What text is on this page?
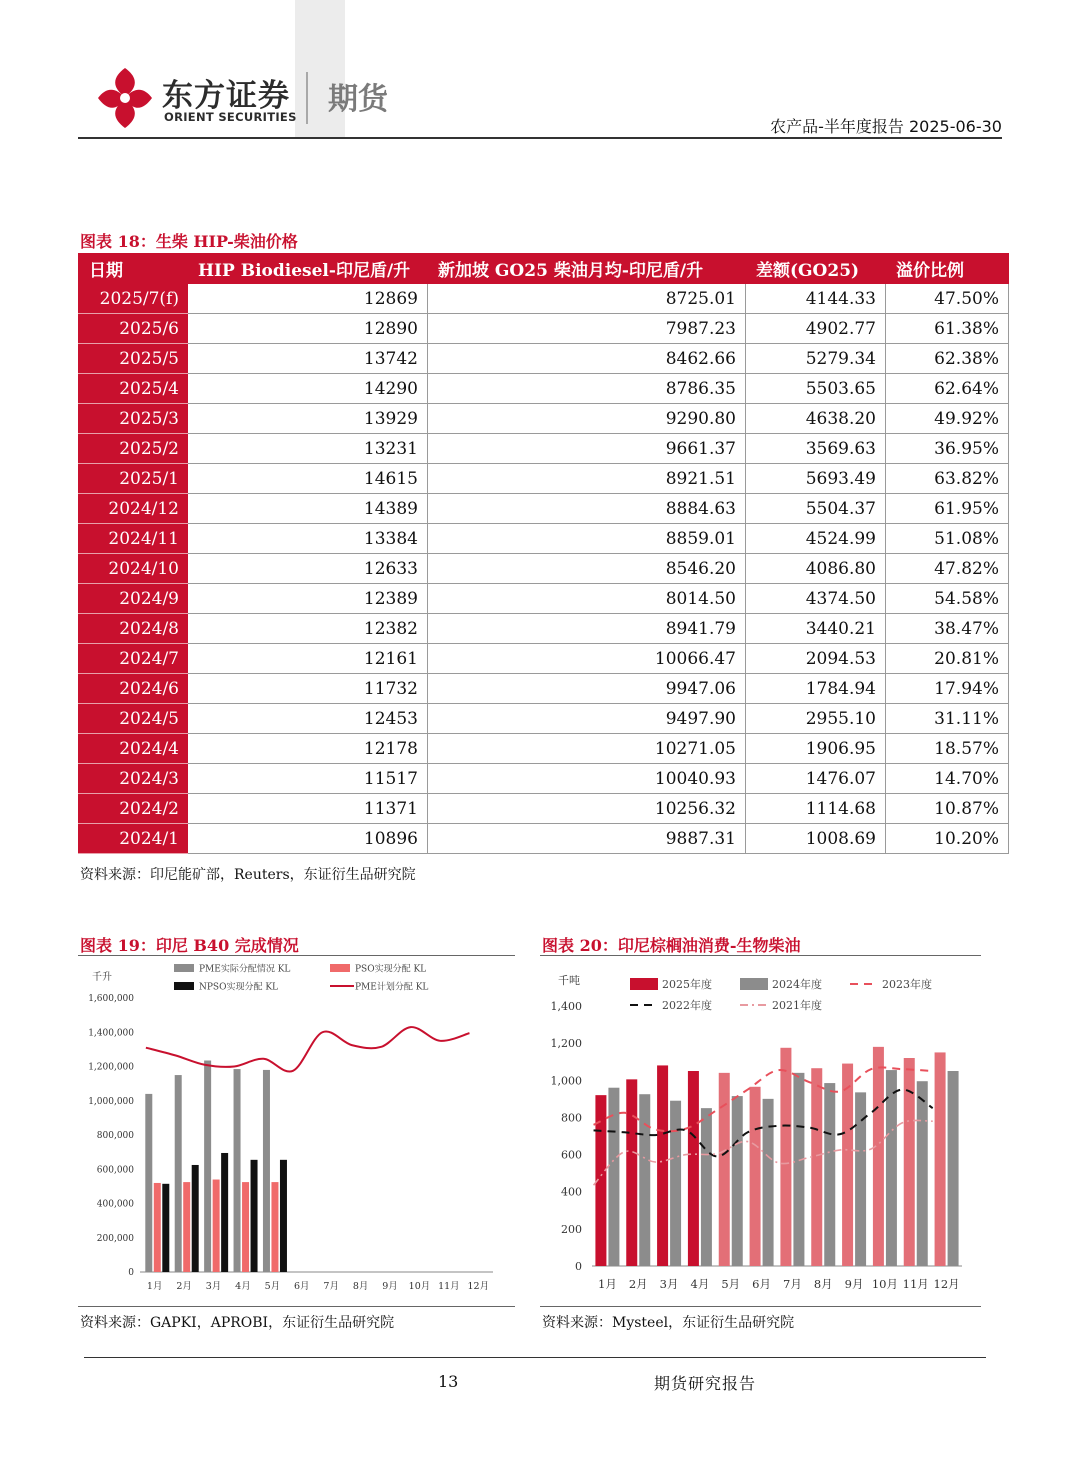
东方证券
ORIENT SECURITIES 期货
农产品-半年度报告 2025-06-30
图表 18：生柴 HIP-柴油价格
日期	HIP Biodiesel-印尼盾/升	新加坡 GO25 柴油月均-印尼盾/升	差额(GO25)	溢价比例
2025/7(f)	12869	8725.01	4144.33	47.50%
2025/6	12890	7987.23	4902.77	61.38%
2025/5	13742	8462.66	5279.34	62.38%
2025/4	14290	8786.35	5503.65	62.64%
2025/3	13929	9290.80	4638.20	49.92%
2025/2	13231	9661.37	3569.63	36.95%
2025/1	14615	8921.51	5693.49	63.82%
2024/12	14389	8884.63	5504.37	61.95%
2024/11	13384	8859.01	4524.99	51.08%
2024/10	12633	8546.20	4086.80	47.82%
2024/9	12389	8014.50	4374.50	54.58%
2024/8	12382	8941.79	3440.21	38.47%
2024/7	12161	10066.47	2094.53	20.81%
2024/6	11732	9947.06	1784.94	17.94%
2024/5	12453	9497.90	2955.10	31.11%
2024/4	12178	10271.05	1906.95	18.57%
2024/3	11517	10040.93	1476.07	14.70%
2024/2	11371	10256.32	1114.68	10.87%
2024/1	10896	9887.31	1008.69	10.20%
资料来源：印尼能矿部，Reuters，东证衍生品研究院
图表 19：印尼 B40 完成情况
千升
0
200,000
400,000
600,000
800,000
1,000,000
1,200,000
1,400,000
1,600,000
1月 2月 3月 4月 5月 6月 7月 8月 9月 10月 11月 12月
PME实际分配情况 KL	PSO实现分配 KL
NPSO实现分配 KL	PME计划分配 KL
资料来源：GAPKI，APROBI，东证衍生品研究院
图表 20：印尼棕榈油消费-生物柴油
千吨
0
200
400
600
800
1,000
1,200
1,400
1月 2月 3月 4月 5月 6月 7月 8月 9月 10月 11月 12月
2025年度	2024年度	2023年度
2022年度	2021年度
资料来源：Mysteel，东证衍生品研究院
13	期货研究报告
